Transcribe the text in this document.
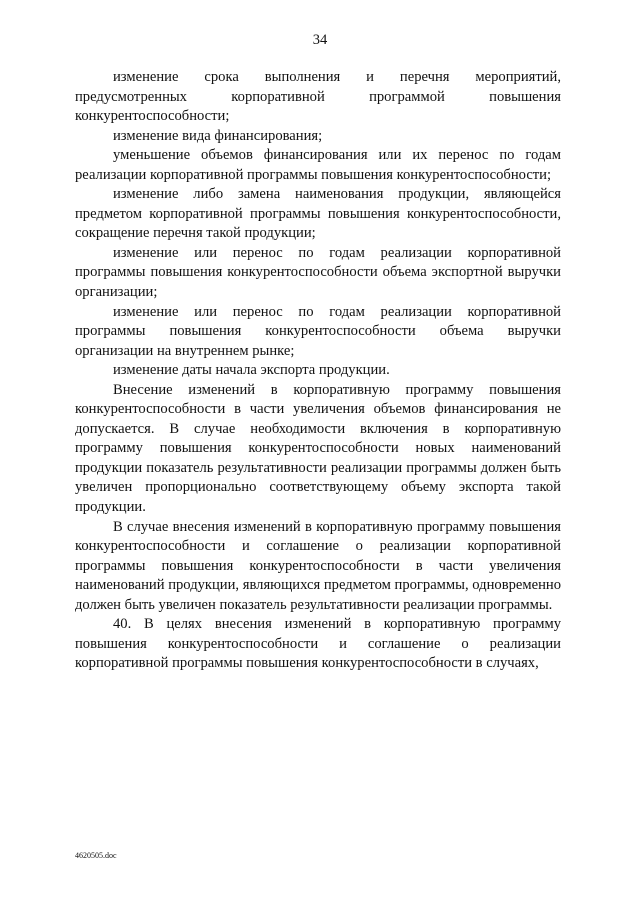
34

изменение срока выполнения и перечня мероприятий, предусмотренных корпоративной программой повышения конкурентоспособности;

изменение вида финансирования;

уменьшение объемов финансирования или их перенос по годам реализации корпоративной программы повышения конкурентоспособности;

изменение либо замена наименования продукции, являющейся предметом корпоративной программы повышения конкурентоспособности, сокращение перечня такой продукции;

изменение или перенос по годам реализации корпоративной программы повышения конкурентоспособности объема экспортной выручки организации;

изменение или перенос по годам реализации корпоративной программы повышения конкурентоспособности объема выручки организации на внутреннем рынке;

изменение даты начала экспорта продукции.

Внесение изменений в корпоративную программу повышения конкурентоспособности в части увеличения объемов финансирования не допускается. В случае необходимости включения в корпоративную программу повышения конкурентоспособности новых наименований продукции показатель результативности реализации программы должен быть увеличен пропорционально соответствующему объему экспорта такой продукции.

В случае внесения изменений в корпоративную программу повышения конкурентоспособности и соглашение о реализации корпоративной программы повышения конкурентоспособности в части увеличения наименований продукции, являющихся предметом программы, одновременно должен быть увеличен показатель результативности реализации программы.

40. В целях внесения изменений в корпоративную программу повышения конкурентоспособности и соглашение о реализации корпоративной программы повышения конкурентоспособности в случаях,

4620505.doc
